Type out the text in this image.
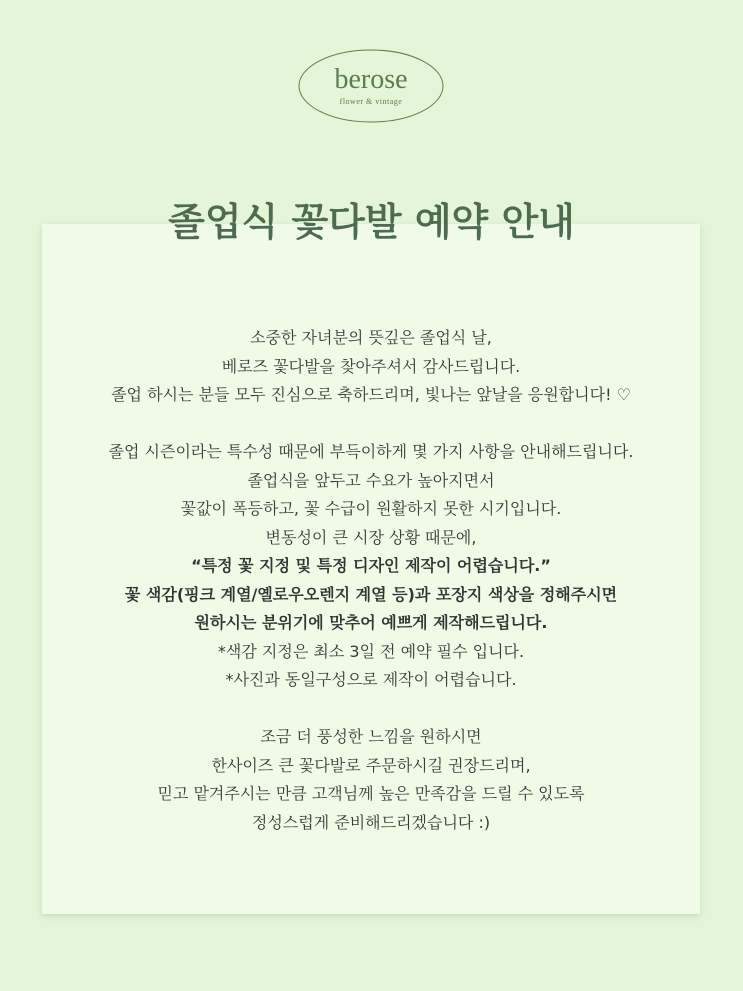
berose
flower & vintage
졸업식 꽃다발 예약 안내
소중한 자녀분의 뜻깊은 졸업식 날,
베로즈 꽃다발을 찾아주셔서 감사드립니다.
졸업 하시는 분들 모두 진심으로 축하드리며, 빛나는 앞날을 응원합니다! ♡
졸업 시즌이라는 특수성 때문에 부득이하게 몇 가지 사항을 안내해드립니다.
졸업식을 앞두고 수요가 높아지면서
꽃값이 폭등하고, 꽃 수급이 원활하지 못한 시기입니다.
변동성이 큰 시장 상황 때문에,
“특정 꽃 지정 및 특정 디자인 제작이 어렵습니다.”
꽃 색감(핑크 계열/옐로우오렌지 계열 등)과 포장지 색상을 정해주시면
원하시는 분위기에 맞추어 예쁘게 제작해드립니다.
*색감 지정은 최소 3일 전 예약 필수 입니다.
*사진과 동일구성으로 제작이 어렵습니다.
조금 더 풍성한 느낌을 원하시면
한사이즈 큰 꽃다발로 주문하시길 권장드리며,
믿고 맡겨주시는 만큼 고객님께 높은 만족감을 드릴 수 있도록
정성스럽게 준비해드리겠습니다 :)
